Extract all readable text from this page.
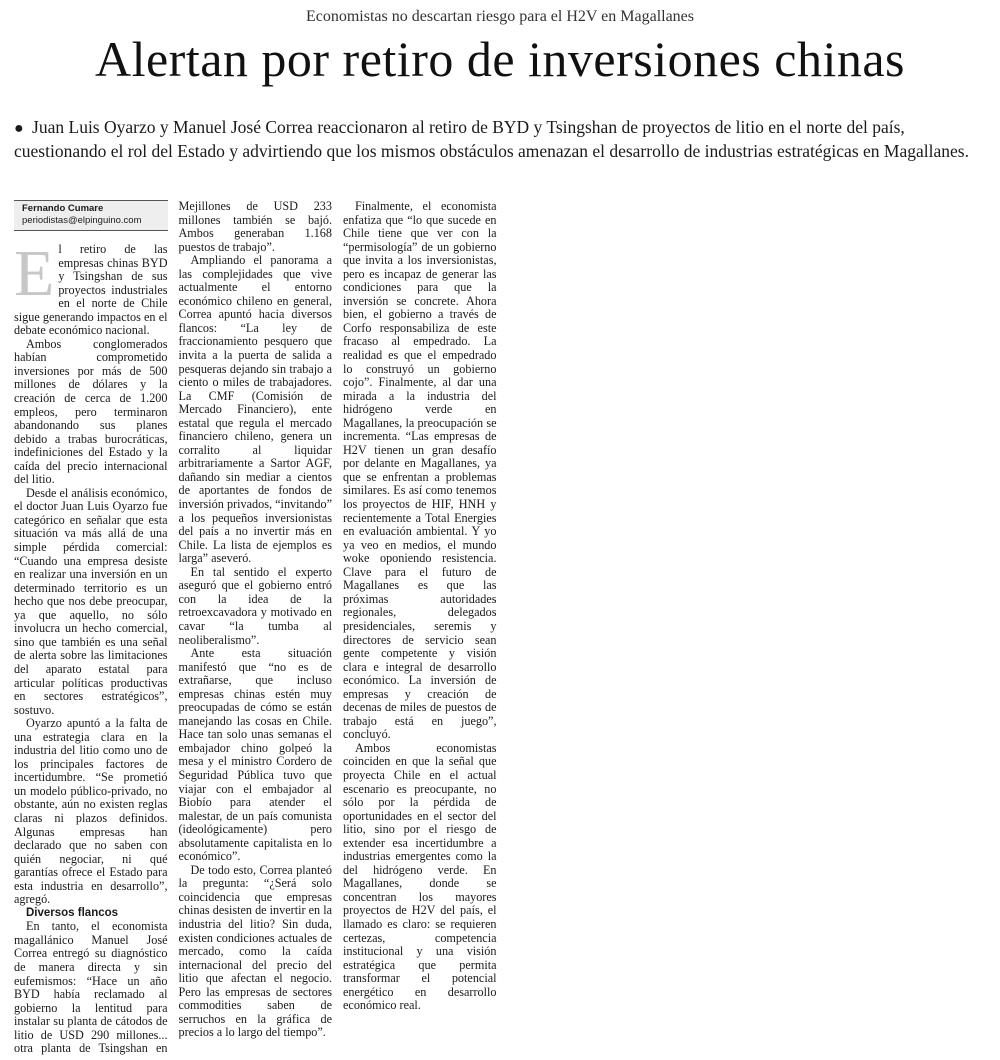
Economistas no descartan riesgo para el H2V en Magallanes
Alertan por retiro de inversiones chinas
● Juan Luis Oyarzo y Manuel José Correa reaccionaron al retiro de BYD y Tsingshan de proyectos de litio en el norte del país, cuestionando el rol del Estado y advirtiendo que los mismos obstáculos amenazan el desarrollo de industrias estratégicas en Magallanes.
Fernando Cumare
periodistas@elpinguino.com

El retiro de las empresas chinas BYD y Tsingshan de sus proyectos industriales en el norte de Chile sigue generando impactos en el debate económico nacional.

Ambos conglomerados habían comprometido inversiones por más de 500 millones de dólares y la creación de cerca de 1.200 empleos, pero terminaron abandonando sus planes debido a trabas burocráticas, indefiniciones del Estado y la caída del precio internacional del litio.

Desde el análisis económico, el doctor Juan Luis Oyarzo fue categórico en señalar que esta situación va más allá de una simple pérdida comercial: “Cuando una empresa desiste en realizar una inversión en un determinado territorio es un hecho que nos debe preocupar, ya que aquello, no sólo involucra un hecho comercial, sino que también es una señal de alerta sobre las limitaciones del aparato estatal para articular políticas productivas en sectores estratégicos”, sostuvo.

Oyarzo apuntó a la falta de una estrategia clara en la industria del litio como uno de los principales factores de incertidumbre. “Se prometió un modelo público-privado, no obstante, aún no existen reglas claras ni plazos definidos. Algunas empresas han declarado que no saben con quién negociar, ni qué garantías ofrece el Estado para esta industria en desarrollo”, agregó.

Diversos flancos

En tanto, el economista magallánico Manuel José Correa entregó su diagnóstico de manera directa y sin eufemismos: “Hace un año BYD había reclamado al gobierno la lentitud para instalar su planta de cátodos de litio de USD 290 millones... otra planta de Tsingshan en Mejillones de USD 233 millones también se bajó. Ambos generaban 1.168 puestos de trabajo”.

Ampliando el panorama a las complejidades que vive actualmente el entorno económico chileno en general, Correa apuntó hacia diversos flancos: “La ley de fraccionamiento pesquero que invita a la puerta de salida a pesqueras dejando sin trabajo a ciento o miles de trabajadores. La CMF (Comisión de Mercado Financiero), ente estatal que regula el mercado financiero chileno, genera un corralito al liquidar arbitrariamente a Sartor AGF, dañando sin mediar a cientos de aportantes de fondos de inversión privados, “invitando” a los pequeños inversionistas del país a no invertir más en Chile. La lista de ejemplos es larga” aseveró.

En tal sentido el experto aseguró que el gobierno entró con la idea de la retroexcavadora y motivado en cavar “la tumba al neoliberalismo”.

Ante esta situación manifestó que “no es de extrañarse, que incluso empresas chinas estén muy preocupadas de cómo se están manejando las cosas en Chile. Hace tan solo unas semanas el embajador chino golpeó la mesa y el ministro Cordero de Seguridad Pública tuvo que viajar con el embajador al Biobío para atender el malestar, de un país comunista (ideológicamente) pero absolutamente capitalista en lo económico”.

De todo esto, Correa planteó la pregunta: “¿Será solo coincidencia que empresas chinas desisten de invertir en la industria del litio? Sin duda, existen condiciones actuales de mercado, como la caída internacional del precio del litio que afectan el negocio. Pero las empresas de sectores commodities saben de serruchos en la gráfica de precios a lo largo del tiempo”.

Finalmente, el economista enfatiza que “lo que sucede en Chile tiene que ver con la “permisología” de un gobierno que invita a los inversionistas, pero es incapaz de generar las condiciones para que la inversión se concrete. Ahora bien, el gobierno a través de Corfo responsabiliza de este fracaso al empedrado. La realidad es que el empedrado lo construyó un gobierno cojo”. Finalmente, al dar una mirada a la industria del hidrógeno verde en Magallanes, la preocupación se incrementa. “Las empresas de H2V tienen un gran desafío por delante en Magallanes, ya que se enfrentan a problemas similares. Es así como tenemos los proyectos de HIF, HNH y recientemente a Total Energies en evaluación ambiental. Y yo ya veo en medios, el mundo woke oponiendo resistencia. Clave para el futuro de Magallanes es que las próximas autoridades regionales, delegados presidenciales, seremis y directores de servicio sean gente competente y visión clara e integral de desarrollo económico. La inversión de empresas y creación de decenas de miles de puestos de trabajo está en juego”, concluyó.

Ambos economistas coinciden en que la señal que proyecta Chile en el actual escenario es preocupante, no sólo por la pérdida de oportunidades en el sector del litio, sino por el riesgo de extender esa incertidumbre a industrias emergentes como la del hidrógeno verde. En Magallanes, donde se concentran los mayores proyectos de H2V del país, el llamado es claro: se requieren certezas, competencia institucional y una visión estratégica que permita transformar el potencial energético en desarrollo económico real.
